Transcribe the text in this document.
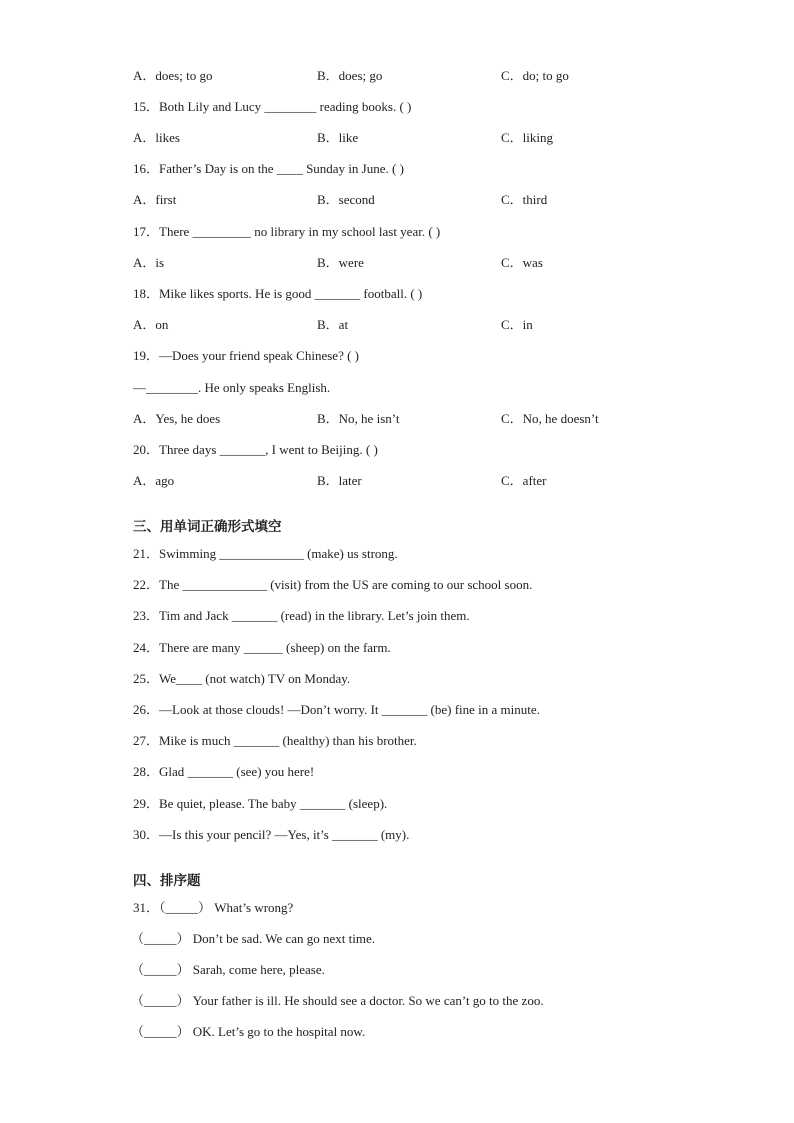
A．does; to go	B．does; go	C．do; to go
15．Both Lily and Lucy ________ reading books. ( )
A．likes	B．like	C．liking
16．Father’s Day is on the ____ Sunday in June. ( )
A．first	B．second	C．third
17．There _________ no library in my school last year. ( )
A．is	B．were	C．was
18．Mike likes sports. He is good _______ football. ( )
A．on	B．at	C．in
19．—Does your friend speak Chinese? ( )
—________. He only speaks English.
A．Yes, he does	B．No, he isn’t	C．No, he doesn’t
20．Three days _______, I went to Beijing. ( )
A．ago	B．later	C．after
三、用单词正确形式填空
21．Swimming _____________ (make) us strong.
22．The _____________ (visit) from the US are coming to our school soon.
23．Tim and Jack _______ (read) in the library. Let’s join them.
24．There are many ______ (sheep) on the farm.
25．We____ (not watch) TV on Monday.
26．—Look at those clouds! —Don’t worry. It _______ (be) fine in a minute.
27．Mike is much _______ (healthy) than his brother.
28．Glad _______ (see) you here!
29．Be quiet, please. The baby _______ (sleep).
30．—Is this your pencil? —Yes, it’s _______ (my).
四、排序题
31．（_____） What’s wrong?
（_____） Don’t be sad. We can go next time.
（_____） Sarah, come here, please.
（_____） Your father is ill. He should see a doctor. So we can’t go to the zoo.
（_____） OK. Let’s go to the hospital now.
